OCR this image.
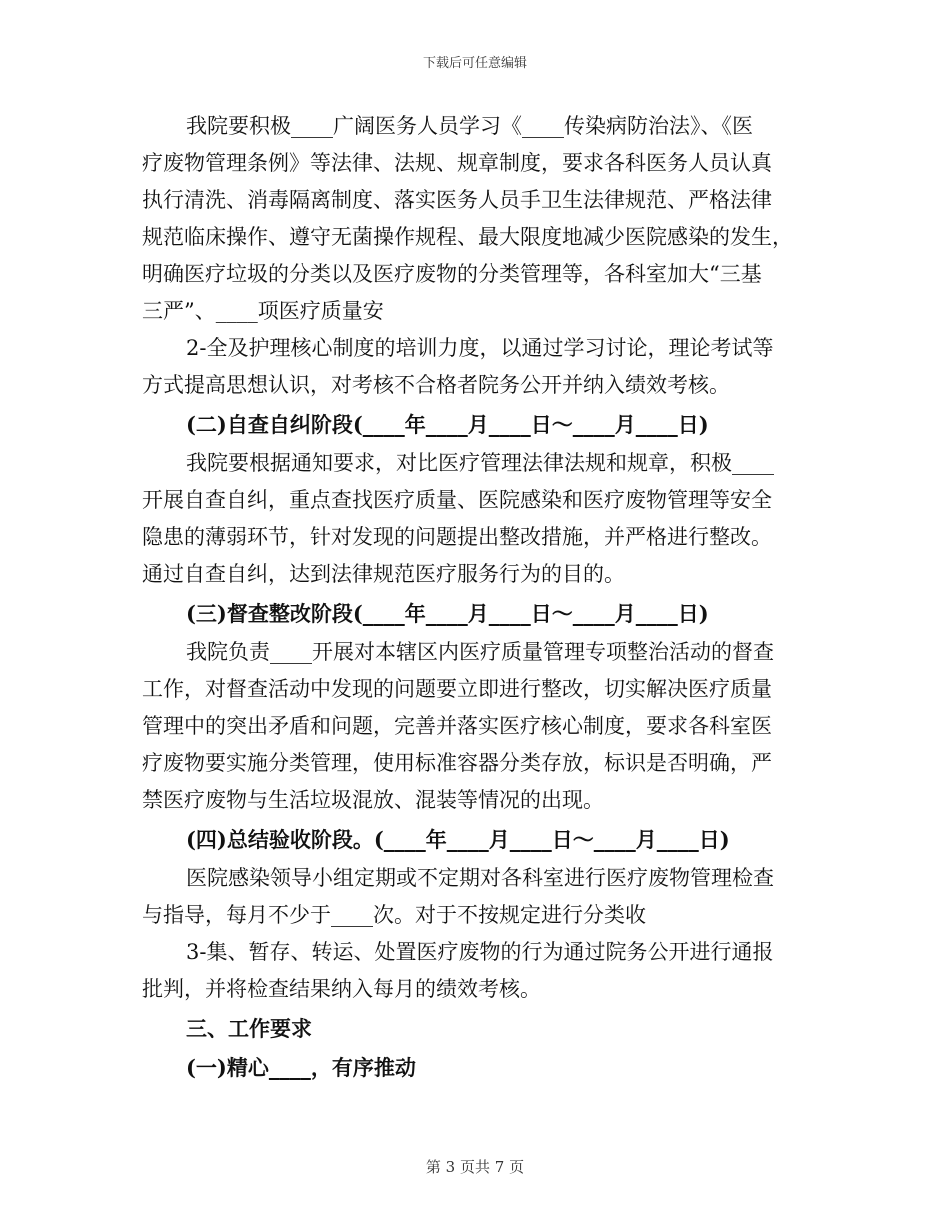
下载后可任意编辑
我院要积极____广阔医务人员学习《____传染病防治法》、《医
疗废物管理条例》等法律、法规、规章制度，要求各科医务人员认真
执行清洗、消毒隔离制度、落实医务人员手卫生法律规范、严格法律
规范临床操作、遵守无菌操作规程、最大限度地减少医院感染的发生，
明确医疗垃圾的分类以及医疗废物的分类管理等，各科室加大“三基
三严”、____项医疗质量安
2-全及护理核心制度的培训力度，以通过学习讨论，理论考试等
方式提高思想认识，对考核不合格者院务公开并纳入绩效考核。
(二)自查自纠阶段(____年____月____日～____月____日)
我院要根据通知要求，对比医疗管理法律法规和规章，积极____
开展自查自纠，重点查找医疗质量、医院感染和医疗废物管理等安全
隐患的薄弱环节，针对发现的问题提出整改措施，并严格进行整改。
通过自查自纠，达到法律规范医疗服务行为的目的。
(三)督查整改阶段(____年____月____日～____月____日)
我院负责____开展对本辖区内医疗质量管理专项整治活动的督查
工作，对督查活动中发现的问题要立即进行整改，切实解决医疗质量
管理中的突出矛盾和问题，完善并落实医疗核心制度，要求各科室医
疗废物要实施分类管理，使用标准容器分类存放，标识是否明确，严
禁医疗废物与生活垃圾混放、混装等情况的出现。
(四)总结验收阶段。(____年____月____日～____月____日)
医院感染领导小组定期或不定期对各科室进行医疗废物管理检查
与指导，每月不少于____次。对于不按规定进行分类收
3-集、暂存、转运、处置医疗废物的行为通过院务公开进行通报
批判，并将检查结果纳入每月的绩效考核。
三、工作要求
(一)精心____，有序推动
第 3 页共 7 页
